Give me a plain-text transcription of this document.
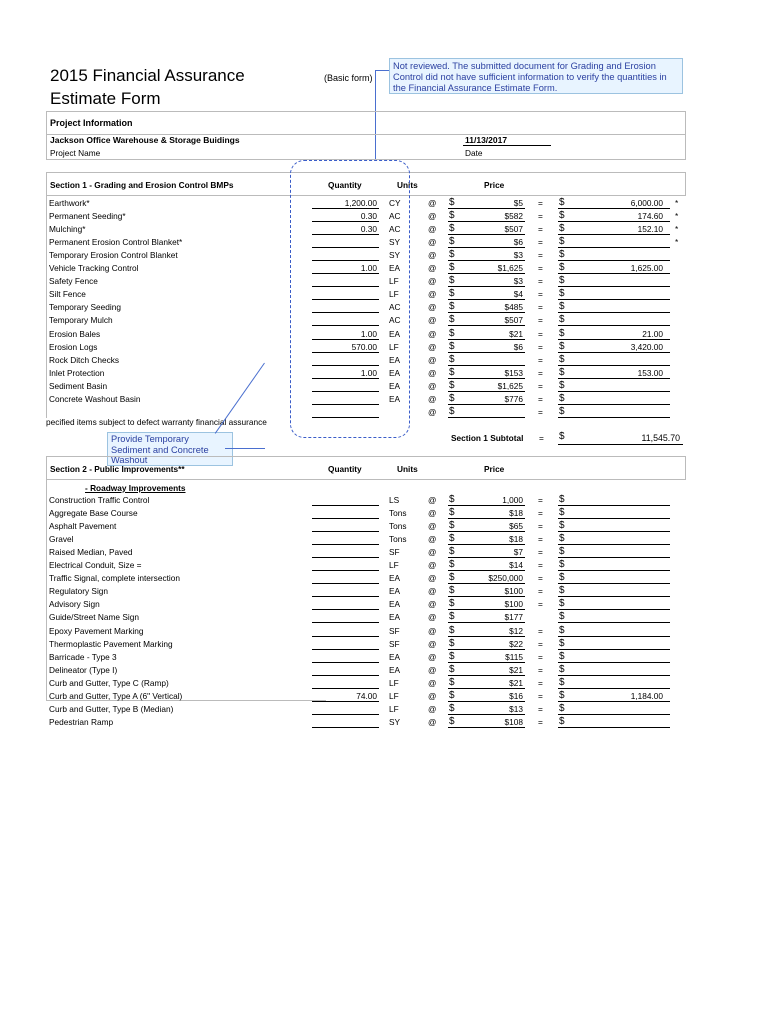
2015 Financial Assurance
Estimate Form
(Basic form)
Not reviewed. The submitted document for Grading and Erosion Control did not have sufficient information to verify the quantities in the Financial Assurance Estimate Form.
Project Information
Jackson Office Warehouse & Storage Buidings
Project Name
11/13/2017
Date
Section 1 - Grading and Erosion Control BMPs	Quantity	Units	Price
Earthwork*	1,200.00 CY	@ $	$5 = $	6,000.00 *
Permanent Seeding*	0.30 AC	@ $	$582 = $	174.60 *
Mulching*	0.30 AC	@ $	$507 = $	152.10 *
Permanent Erosion Control Blanket*	SY	@ $	$6 = $	*
Temporary Erosion Control Blanket	SY	@ $	$3 = $
Vehicle Tracking Control	1.00 EA	@ $	$1,625 = $	1,625.00
Safety Fence	LF	@ $	$3 = $
Silt Fence	LF	@ $	$4 = $
Temporary Seeding	AC	@ $	$485 = $
Temporary Mulch	AC	@ $	$507 = $
Erosion Bales	1.00 EA	@ $	$21 = $	21.00
Erosion Logs	570.00 LF	@ $	$6 = $	3,420.00
Rock Ditch Checks	EA	@ $	= $
Inlet Protection	1.00 EA	@ $	$153 = $	153.00
Sediment Basin	EA	@ $	$1,625 = $
Concrete Washout Basin	EA	@ $	$776 = $
@ $	= $
pecified items subject to defect warranty financial assurance
Provide Temporary Sediment and Concrete Washout
Section 1 Subtotal = $	11,545.70
Section 2 - Public Improvements**	Quantity	Units	Price
- Roadway Improvements
Construction Traffic Control	LS	@ $	1,000 = $
Aggregate Base Course	Tons	@ $	$18 = $
Asphalt Pavement	Tons	@ $	$65 = $
Gravel	Tons	@ $	$18 = $
Raised Median, Paved	SF	@ $	$7 = $
Electrical Conduit, Size =	LF	@ $	$14 = $
Traffic Signal, complete intersection	EA	@ $	$250,000 = $
Regulatory Sign	EA	@ $	$100 = $
Advisory Sign	EA	@ $	$100 = $
Guide/Street Name Sign	EA	@ $	$177	$
Epoxy Pavement Marking	SF	@ $	$12 = $
Thermoplastic Pavement Marking	SF	@ $	$22 = $
Barricade - Type 3	EA	@ $	$115 = $
Delineator (Type I)	EA	@ $	$21 = $
Curb and Gutter, Type C (Ramp)	LF	@ $	$21 = $
Curb and Gutter, Type A (6" Vertical)	74.00 LF	@ $	$16 = $	1,184.00
Curb and Gutter, Type B (Median)	LF	@ $	$13 = $
Pedestrian Ramp	SY	@ $	$108 = $
